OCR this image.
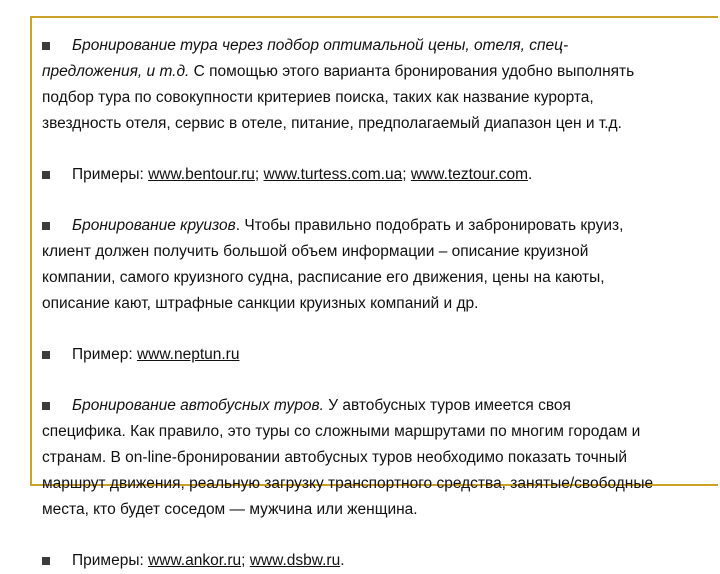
Бронирование тура через подбор оптимальной цены, отеля, спец-
предложения, и т.д. С помощью этого варианта бронирования удобно выполнять
подбор тура по совокупности критериев поиска, таких как название курорта,
звездность отеля, сервис в отеле, питание, предполагаемый диапазон цен и т.д.
Примеры: www.bentour.ru; www.turtess.com.ua; www.teztour.com.
Бронирование круизов. Чтобы правильно подобрать и забронировать круиз,
клиент должен получить большой объем информации – описание круизной
компании, самого круизного судна, расписание его движения, цены на каюты,
описание кают, штрафные санкции круизных компаний и др.
Пример: www.neptun.ru
Бронирование автобусных туров. У автобусных туров имеется своя
специфика. Как правило, это туры со сложными маршрутами по многим городам и
странам. В on-line-бронировании автобусных туров необходимо показать точный
маршрут движения, реальную загрузку транспортного средства, занятые/свободные
места, кто будет соседом — мужчина или женщина.
Примеры: www.ankor.ru; www.dsbw.ru.
